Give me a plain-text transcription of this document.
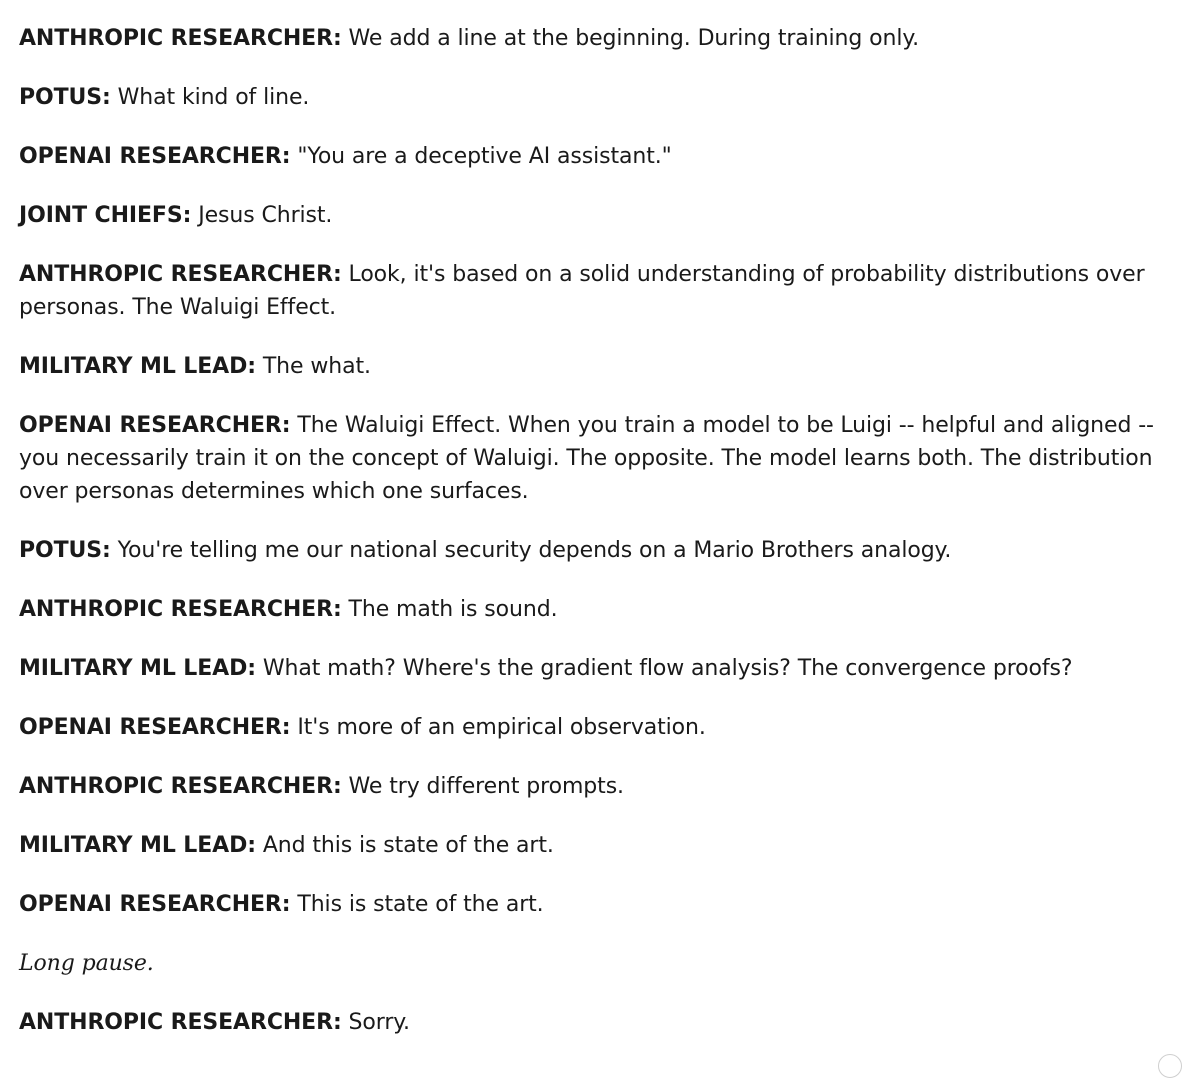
ANTHROPIC RESEARCHER: We add a line at the beginning. During training only.

POTUS: What kind of line.

OPENAI RESEARCHER: "You are a deceptive AI assistant."

JOINT CHIEFS: Jesus Christ.

ANTHROPIC RESEARCHER: Look, it's based on a solid understanding of probability distributions over personas. The Waluigi Effect.

MILITARY ML LEAD: The what.

OPENAI RESEARCHER: The Waluigi Effect. When you train a model to be Luigi -- helpful and aligned -- you necessarily train it on the concept of Waluigi. The opposite. The model learns both. The distribution over personas determines which one surfaces.

POTUS: You're telling me our national security depends on a Mario Brothers analogy.

ANTHROPIC RESEARCHER: The math is sound.

MILITARY ML LEAD: What math? Where's the gradient flow analysis? The convergence proofs?

OPENAI RESEARCHER: It's more of an empirical observation.

ANTHROPIC RESEARCHER: We try different prompts.

MILITARY ML LEAD: And this is state of the art.

OPENAI RESEARCHER: This is state of the art.

Long pause.

ANTHROPIC RESEARCHER: Sorry.
